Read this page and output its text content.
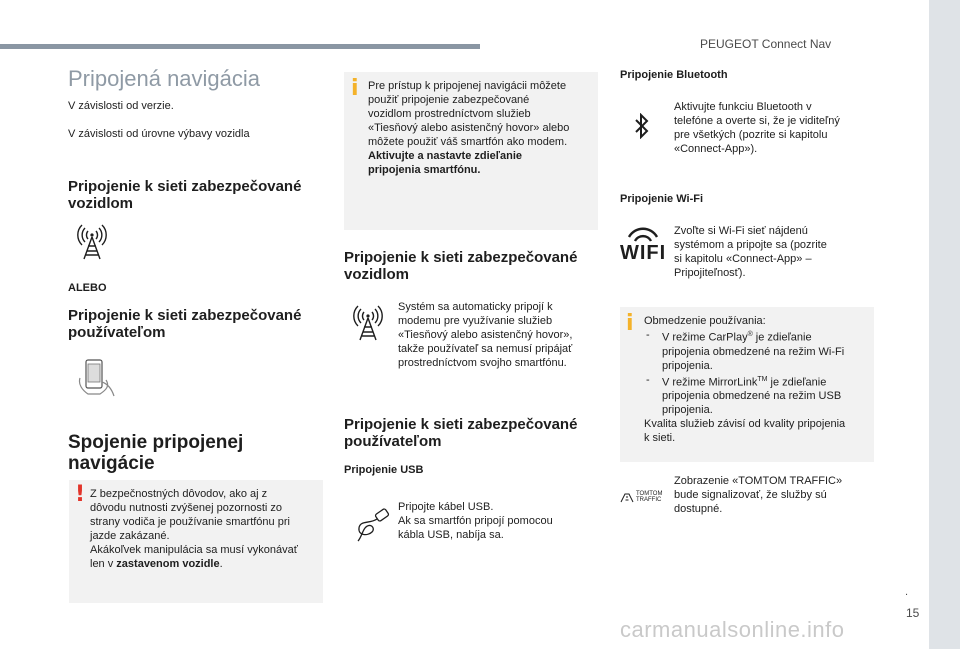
PEUGEOT Connect Nav
.
15
carmanualsonline.info
Pripojená navigácia
V závislosti od verzie.
V závislosti od úrovne výbavy vozidla
Pripojenie k sieti zabezpečované
vozidlom
ALEBO
Pripojenie k sieti zabezpečované
používateľom
Spojenie pripojenej
navigácie
! Z bezpečnostných dôvodov, ako aj z
dôvodu nutnosti zvýšenej pozornosti zo
strany vodiča je používanie smartfónu pri
jazde zakázané.
Akákoľvek manipulácia sa musí vykonávať
len v zastavenom vozidle.
i Pre prístup k pripojenej navigácii môžete
použiť pripojenie zabezpečované
vozidlom prostredníctvom služieb
«Tiesňový alebo asistenčný hovor» alebo
môžete použiť váš smartfón ako modem.
Aktivujte a nastavte zdieľanie
pripojenia smartfónu.
Pripojenie k sieti zabezpečované
vozidlom
Systém sa automaticky pripojí k
modemu pre využívanie služieb
«Tiesňový alebo asistenčný hovor»,
takže používateľ sa nemusí pripájať
prostredníctvom svojho smartfónu.
Pripojenie k sieti zabezpečované
používateľom
Pripojenie USB
Pripojte kábel USB.
Ak sa smartfón pripojí pomocou
kábla USB, nabíja sa.
Pripojenie Bluetooth
Aktivujte funkciu Bluetooth v
telefóne a overte si, že je viditeľný
pre všetkých (pozrite si kapitolu
«Connect-App»).
Pripojenie Wi-Fi
WIFI
Zvoľte si Wi-Fi sieť nájdenú
systémom a pripojte sa (pozrite
si kapitolu «Connect-App» –
Pripojiteľnosť).
i Obmedzenie používania:
- V režime CarPlay® je zdieľanie
pripojenia obmedzené na režim Wi-Fi
pripojenia.
- V režime MirrorLink™ je zdieľanie
pripojenia obmedzené na režim USB
pripojenia.
Kvalita služieb závisí od kvality pripojenia
k sieti.
TOMTOM
TRAFFIC
Zobrazenie «TOMTOM TRAFFIC»
bude signalizovať, že služby sú
dostupné.
